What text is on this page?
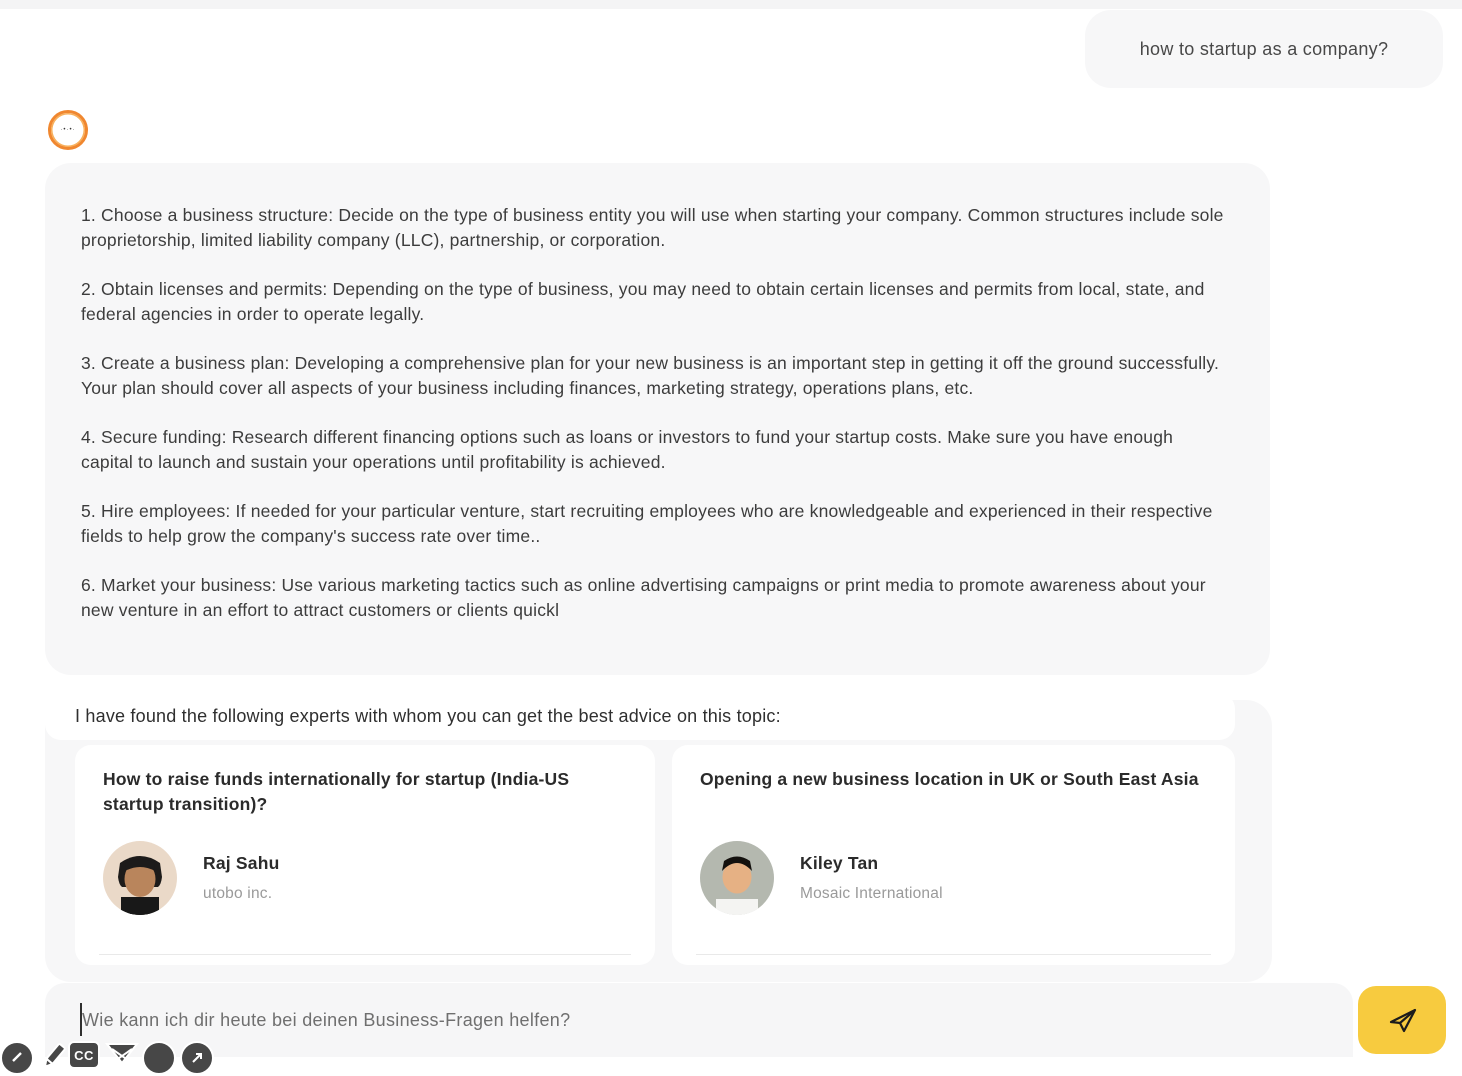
how to startup as a company?
·•·•·

1. Choose a business structure: Decide on the type of business entity you will use when starting your company. Common structures include sole proprietorship, limited liability company (LLC), partnership, or corporation.

2. Obtain licenses and permits: Depending on the type of business, you may need to obtain certain licenses and permits from local, state, and federal agencies in order to operate legally.

3. Create a business plan: Developing a comprehensive plan for your new business is an important step in getting it off the ground successfully. Your plan should cover all aspects of your business including finances, marketing strategy, operations plans, etc.

4. Secure funding: Research different financing options such as loans or investors to fund your startup costs. Make sure you have enough capital to launch and sustain your operations until profitability is achieved.

5. Hire employees: If needed for your particular venture, start recruiting employees who are knowledgeable and experienced in their respective fields to help grow the company's success rate over time..

6. Market your business: Use various marketing tactics such as online advertising campaigns or print media to promote awareness about your new venture in an effort to attract customers or clients quickl

I have found the following experts with whom you can get the best advice on this topic:
How to raise funds internationally for startup (India-US startup transition)?
Raj Sahu
utobo inc.
Opening a new business location in UK or South East Asia
Kiley Tan
Mosaic International
Wie kann ich dir heute bei deinen Business-Fragen helfen?
CC
